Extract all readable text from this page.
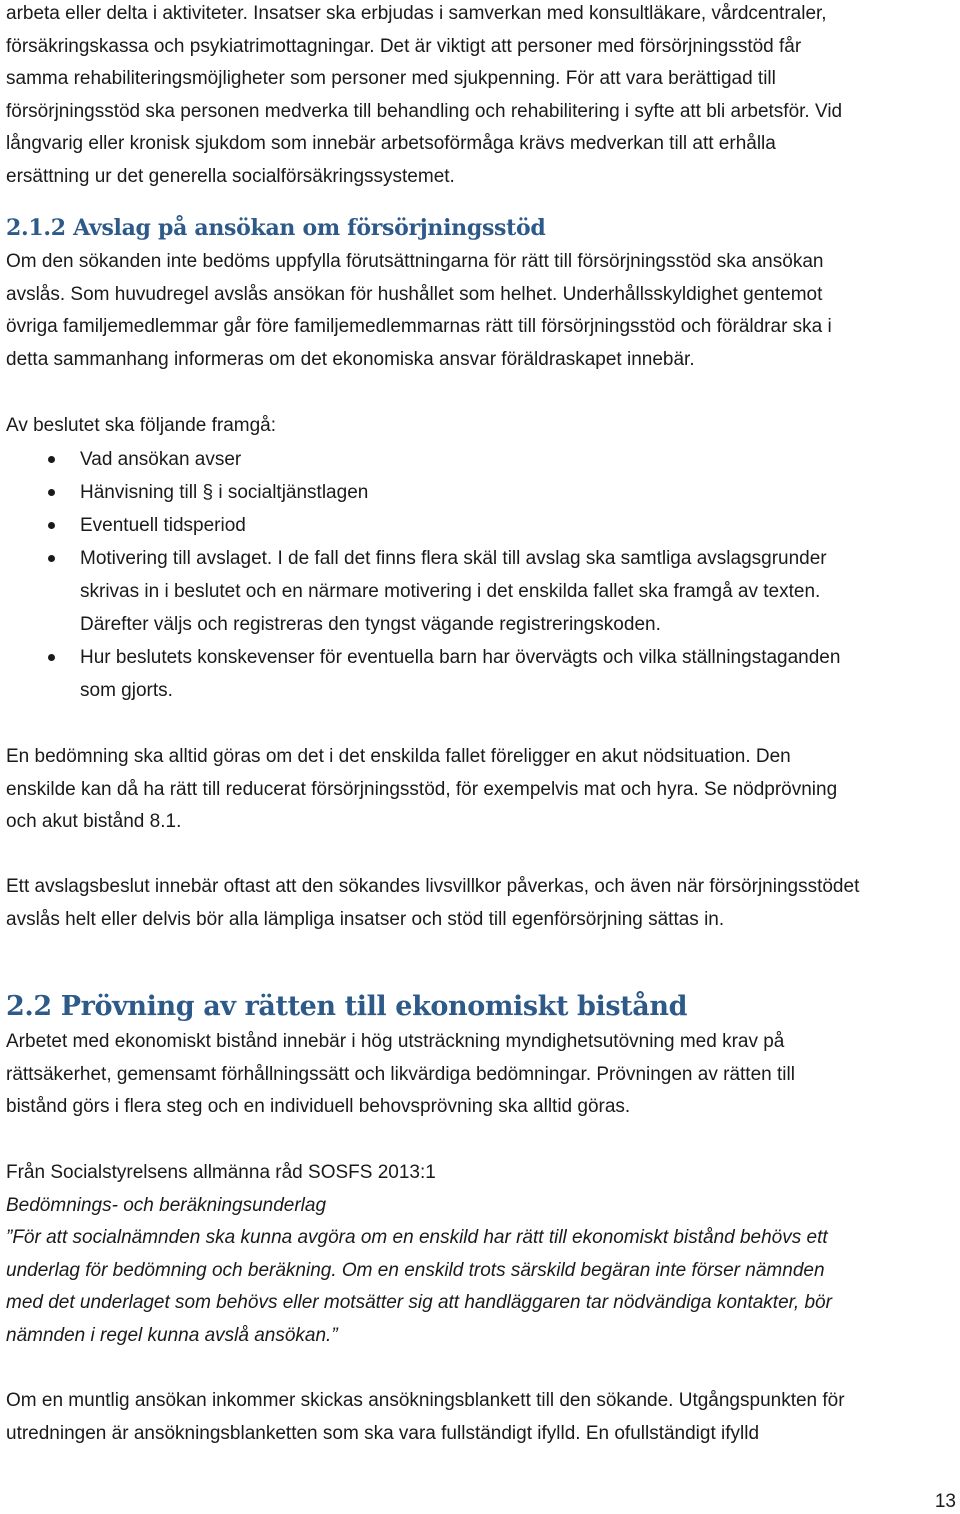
arbeta eller delta i aktiviteter. Insatser ska erbjudas i samverkan med konsultläkare, vårdcentraler,

försäkringskassa och psykiatrimottagningar. Det är viktigt att personer med försörjningsstöd får

samma rehabiliteringsmöjligheter som personer med sjukpenning. För att vara berättigad till

försörjningsstöd ska personen medverka till behandling och rehabilitering i syfte att bli arbetsför. Vid

långvarig eller kronisk sjukdom som innebär arbetsoförmåga krävs medverkan till att erhålla

ersättning ur det generella socialförsäkringssystemet.

2.1.2 Avslag på ansökan om försörjningsstöd

Om den sökanden inte bedöms uppfylla förutsättningarna för rätt till försörjningsstöd ska ansökan

avslås. Som huvudregel avslås ansökan för hushållet som helhet. Underhållsskyldighet gentemot

övriga familjemedlemmar går före familjemedlemmarnas rätt till försörjningsstöd och föräldrar ska i

detta sammanhang informeras om det ekonomiska ansvar föräldraskapet innebär.

Av beslutet ska följande framgå:

Vad ansökan avser
Hänvisning till § i socialtjänstlagen
Eventuell tidsperiod
Motivering till avslaget. I de fall det finns flera skäl till avslag ska samtliga avslagsgrunder
skrivas in i beslutet och en närmare motivering i det enskilda fallet ska framgå av texten.
Därefter väljs och registreras den tyngst vägande registreringskoden.
Hur beslutets konskevenser för eventuella barn har övervägts och vilka ställningstaganden
som gjorts.

En bedömning ska alltid göras om det i det enskilda fallet föreligger en akut nödsituation. Den

enskilde kan då ha rätt till reducerat försörjningsstöd, för exempelvis mat och hyra. Se nödprövning

och akut bistånd 8.1.

Ett avslagsbeslut innebär oftast att den sökandes livsvillkor påverkas, och även när försörjningsstödet

avslås helt eller delvis bör alla lämpliga insatser och stöd till egenförsörjning sättas in.

2.2 Prövning av rätten till ekonomiskt bistånd

Arbetet med ekonomiskt bistånd innebär i hög utsträckning myndighetsutövning med krav på

rättsäkerhet, gemensamt förhållningssätt och likvärdiga bedömningar. Prövningen av rätten till

bistånd görs i flera steg och en individuell behovsprövning ska alltid göras.

Från Socialstyrelsens allmänna råd SOSFS 2013:1

Bedömnings- och beräkningsunderlag

”För att socialnämnden ska kunna avgöra om en enskild har rätt till ekonomiskt bistånd behövs ett

underlag för bedömning och beräkning. Om en enskild trots särskild begäran inte förser nämnden

med det underlaget som behövs eller motsätter sig att handläggaren tar nödvändiga kontakter, bör

nämnden i regel kunna avslå ansökan.”

Om en muntlig ansökan inkommer skickas ansökningsblankett till den sökande. Utgångspunkten för

utredningen är ansökningsblanketten som ska vara fullständigt ifylld. En ofullständigt ifylld

13
